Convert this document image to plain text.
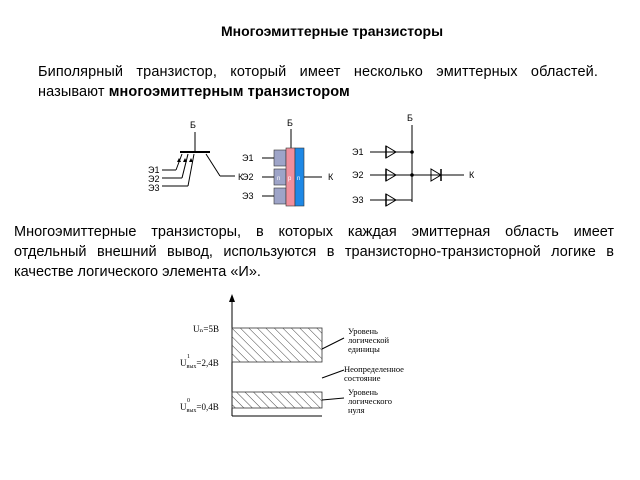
Многоэмиттерные транзисторы
Биполярный транзистор, который имеет несколько эмиттерных областей. называют многоэмиттерным транзистором
Б
К
Э1
Э2
Э3
Б
n p n
Э1
Э2
Э3
К
Б
Э1
Э2
Э3
К
Многоэмиттерные транзисторы, в которых каждая эмиттерная область имеет отдельный внешний вывод, используются в транзисторно-транзисторной логике в качестве логического элемента «И».
Uₙ=5В
$U_{вых}=2,4В$
1
$U_{вых}=0,4В$
0
Уровень логической единицы
Неопределенное состояние
Уровень логического нуля
